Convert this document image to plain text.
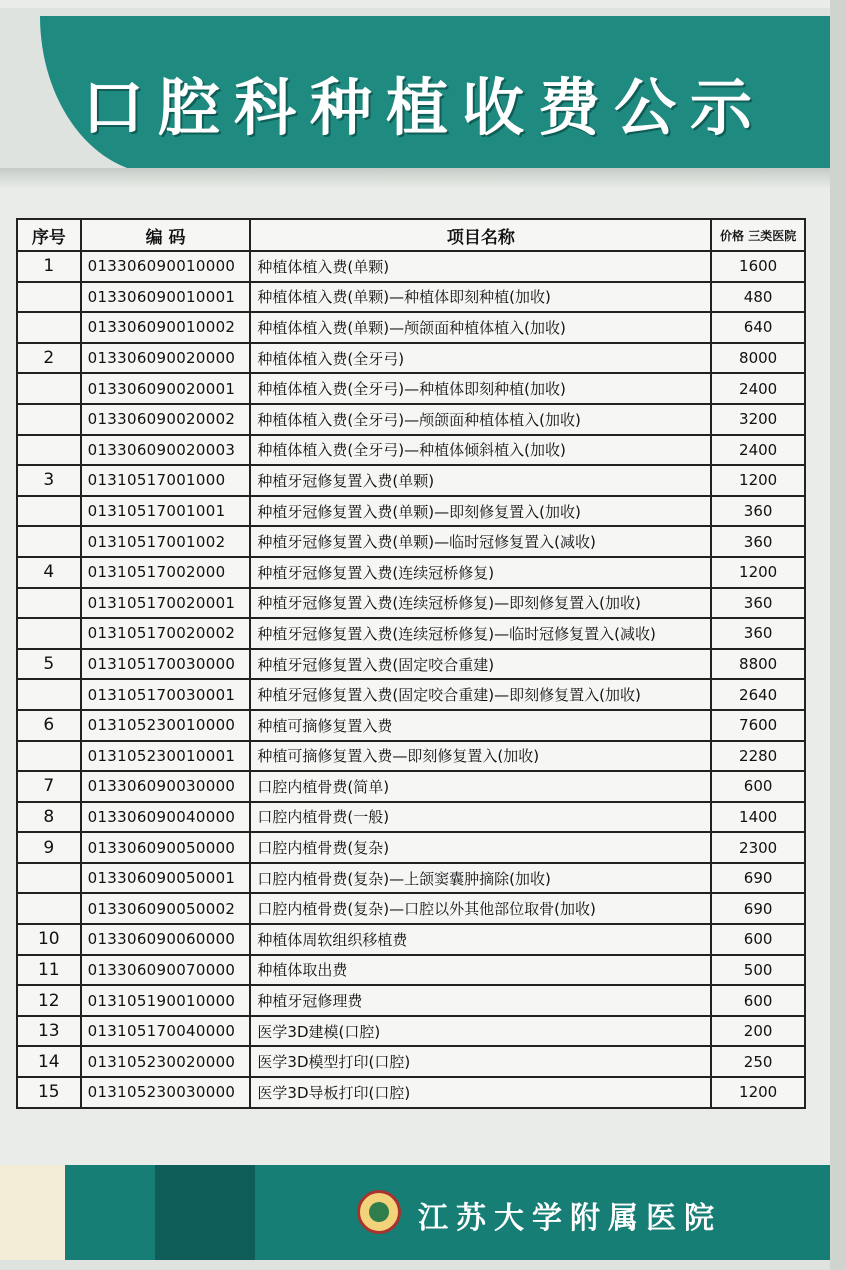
口腔科种植收费公示
序号	编 码	项目名称	价格 三类医院
1	013306090010000	种植体植入费(单颗)	1600
	013306090010001	种植体植入费(单颗)—种植体即刻种植(加收)	480
	013306090010002	种植体植入费(单颗)—颅颌面种植体植入(加收)	640
2	013306090020000	种植体植入费(全牙弓)	8000
	013306090020001	种植体植入费(全牙弓)—种植体即刻种植(加收)	2400
	013306090020002	种植体植入费(全牙弓)—颅颌面种植体植入(加收)	3200
	013306090020003	种植体植入费(全牙弓)—种植体倾斜植入(加收)	2400
3	01310517001000	种植牙冠修复置入费(单颗)	1200
	01310517001001	种植牙冠修复置入费(单颗)—即刻修复置入(加收)	360
	01310517001002	种植牙冠修复置入费(单颗)—临时冠修复置入(减收)	360
4	01310517002000	种植牙冠修复置入费(连续冠桥修复)	1200
	013105170020001	种植牙冠修复置入费(连续冠桥修复)—即刻修复置入(加收)	360
	013105170020002	种植牙冠修复置入费(连续冠桥修复)—临时冠修复置入(减收)	360
5	013105170030000	种植牙冠修复置入费(固定咬合重建)	8800
	013105170030001	种植牙冠修复置入费(固定咬合重建)—即刻修复置入(加收)	2640
6	013105230010000	种植可摘修复置入费	7600
	013105230010001	种植可摘修复置入费—即刻修复置入(加收)	2280
7	013306090030000	口腔内植骨费(简单)	600
8	013306090040000	口腔内植骨费(一般)	1400
9	013306090050000	口腔内植骨费(复杂)	2300
	013306090050001	口腔内植骨费(复杂)—上颌窦囊肿摘除(加收)	690
	013306090050002	口腔内植骨费(复杂)—口腔以外其他部位取骨(加收)	690
10	013306090060000	种植体周软组织移植费	600
11	013306090070000	种植体取出费	500
12	013105190010000	种植牙冠修理费	600
13	013105170040000	医学3D建模(口腔)	200
14	013105230020000	医学3D模型打印(口腔)	250
15	013105230030000	医学3D导板打印(口腔)	1200
江苏大学附属医院
